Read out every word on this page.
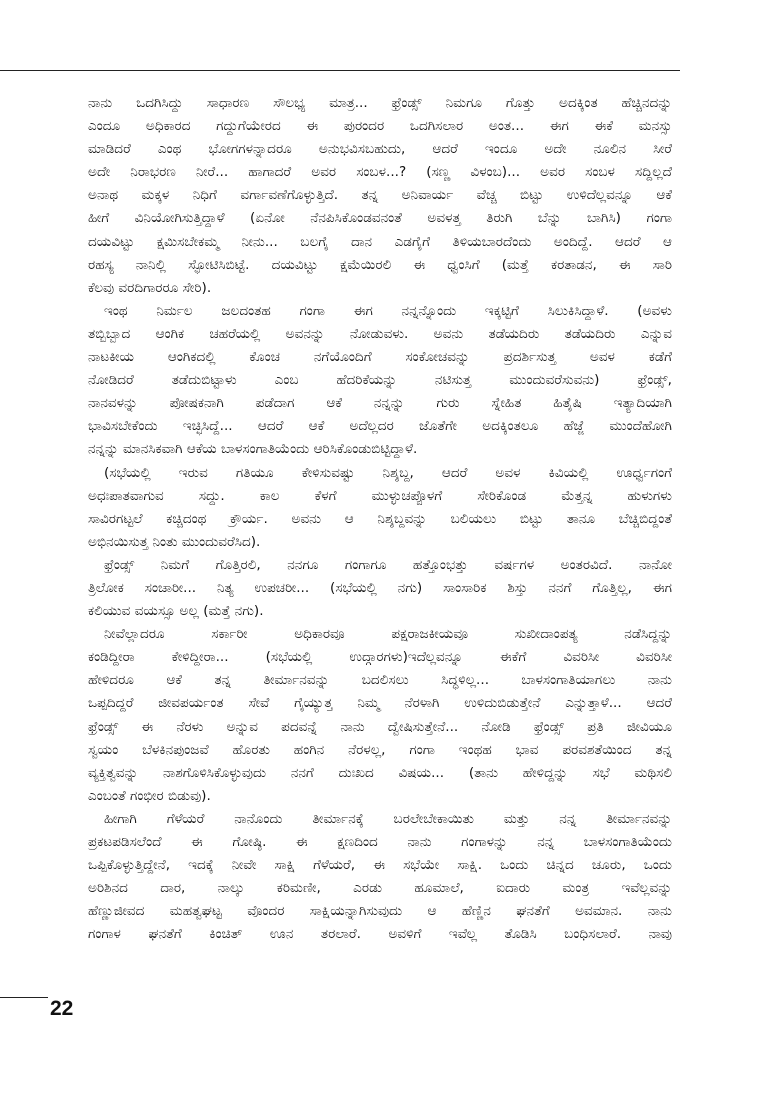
ನಾನು ಒದಗಿಸಿದ್ದು ಸಾಧಾರಣ ಸೌಲಭ್ಯ ಮಾತ್ರ... ಫ್ರೆಂಡ್ಸ್ ನಿಮಗೂ ಗೊತ್ತು ಅದಕ್ಕಿಂತ ಹೆಚ್ಚಿನದನ್ನು
ಎಂದೂ ಅಧಿಕಾರದ ಗದ್ದುಗೆಯೇರದ ಈ ಪುರಂದರ ಒದಗಿಸಲಾರ ಅಂತ... ಈಗ ಈಕೆ ಮನಸ್ಸು
ಮಾಡಿದರೆ ಎಂಥ ಭೋಗಗಳನ್ನಾದರೂ ಅನುಭವಿಸಬಹುದು, ಆದರೆ ಇಂದೂ ಅದೇ ನೂಲಿನ ಸೀರೆ
ಅದೇ ನಿರಾಭರಣ ನೀರೆ... ಹಾಗಾದರೆ ಅವರ ಸಂಬಳ...? (ಸಣ್ಣ ವಿಳಂಬ)... ಅವರ ಸಂಬಳ ಸದ್ದಿಲ್ಲದೆ
ಅನಾಥ ಮಕ್ಕಳ ನಿಧಿಗೆ ವರ್ಗಾವಣೆಗೊಳ್ಳುತ್ತಿದೆ. ತನ್ನ ಅನಿವಾರ್ಯ ವೆಚ್ಚ ಬಿಟ್ಟು ಉಳಿದೆಲ್ಲವನ್ನೂ ಆಕೆ
ಹೀಗೆ ವಿನಿಯೋಗಿಸುತ್ತಿದ್ದಾಳೆ (ಏನೋ ನೆನಪಿಸಿಕೊಂಡವನಂತೆ ಅವಳತ್ತ ತಿರುಗಿ ಬೆನ್ನು ಬಾಗಿಸಿ) ಗಂಗಾ
ದಯವಿಟ್ಟು ಕ್ಷಮಿಸಬೇಕಮ್ಮ ನೀನು... ಬಲಗೈ ದಾನ ಎಡಗೈಗೆ ತಿಳಿಯಬಾರದೆಂದು ಅಂದಿದ್ದೆ. ಆದರೆ ಆ
ರಹಸ್ಯ ನಾನಿಲ್ಲಿ ಸ್ಫೋಟಿಸಿಬಿಟ್ಟೆ. ದಯವಿಟ್ಟು ಕ್ಷಮೆಯಿರಲಿ ಈ ಧ್ವಂಸಿಗೆ (ಮತ್ತೆ ಕರತಾಡನ, ಈ ಸಾರಿ
ಕೆಲವು ವರದಿಗಾರರೂ ಸೇರಿ).
ಇಂಥ ನಿರ್ಮಲ ಜಲದಂತಹ ಗಂಗಾ ಈಗ ನನ್ನನ್ನೊಂದು ಇಕ್ಕಟ್ಟಿಗೆ ಸಿಲುಕಿಸಿದ್ದಾಳೆ. (ಅವಳು
ತಬ್ಬಿಬ್ಬಾದ ಆಂಗಿಕ ಚಹರೆಯಲ್ಲಿ ಅವನನ್ನು ನೋಡುವಳು. ಅವನು ತಡೆಯದಿರು ತಡೆಯದಿರು ಎನ್ನುವ
ನಾಟಕೀಯ ಆಂಗಿಕದಲ್ಲಿ ಕೊಂಚ ನಗೆಯೊಂದಿಗೆ ಸಂಕೋಚವನ್ನು ಪ್ರದರ್ಶಿಸುತ್ತ ಅವಳ ಕಡೆಗೆ
ನೋಡಿದರೆ ತಡೆದುಬಿಟ್ಟಾಳು ಎಂಬ ಹೆದರಿಕೆಯನ್ನು ನಟಿಸುತ್ತ ಮುಂದುವರೆಸುವನು) ಫ್ರೆಂಡ್ಸ್,
ನಾನವಳನ್ನು ಪೋಷಕನಾಗಿ ಪಡೆದಾಗ ಆಕೆ ನನ್ನನ್ನು ಗುರು ಸ್ನೇಹಿತ ಹಿತೈಷಿ ಇತ್ಯಾದಿಯಾಗಿ
ಭಾವಿಸಬೇಕೆಂದು ಇಚ್ಛಿಸಿದ್ದೆ... ಆದರೆ ಆಕೆ ಅದೆಲ್ಲದರ ಜೊತೆಗೇ ಅದಕ್ಕಿಂತಲೂ ಹೆಜ್ಜೆ ಮುಂದೆಹೋಗಿ
ನನ್ನನ್ನು ಮಾನಸಿಕವಾಗಿ ಆಕೆಯ ಬಾಳಸಂಗಾತಿಯೆಂದು ಆರಿಸಿಕೊಂಡುಬಿಟ್ಟಿದ್ದಾಳೆ.
(ಸಭೆಯಲ್ಲಿ ಇರುವ ಗತಿಯೂ ಕೇಳಿಸುವಷ್ಟು ನಿಶ್ಶಬ್ದ, ಆದರೆ ಅವಳ ಕಿವಿಯಲ್ಲಿ ಊರ್ಧ್ವಗಂಗೆ
ಅಧಃಪಾತವಾಗುವ ಸದ್ದು. ಕಾಲ ಕೆಳಗೆ ಮುಳ್ಳುಚಪ್ಪೊಳಗೆ ಸೇರಿಕೊಂಡ ಮೆತ್ತನ್ನ ಹುಳುಗಳು
ಸಾವಿರಗಟ್ಟಲೆ ಕಚ್ಚಿದಂಥ ಕ್ರೌರ್ಯ. ಅವನು ಆ ನಿಶ್ಶಬ್ದವನ್ನು ಬಲಿಯಲು ಬಿಟ್ಟು ತಾನೂ ಬೆಚ್ಚಿಬಿದ್ದಂತೆ
ಅಭಿನಯಿಸುತ್ತ ನಿಂತು ಮುಂದುವರೆಸಿದ).
ಫ್ರೆಂಡ್ಸ್ ನಿಮಗೆ ಗೊತ್ತಿರಲಿ, ನನಗೂ ಗಂಗಾಗೂ ಹತ್ತೊಂಭತ್ತು ವರ್ಷಗಳ ಅಂತರವಿದೆ. ನಾನೋ
ತ್ರಿಲೋಕ ಸಂಚಾರೀ... ನಿತ್ಯ ಉಪಚರೀ... (ಸಭೆಯಲ್ಲಿ ನಗು) ಸಾಂಸಾರಿಕ ಶಿಸ್ತು ನನಗೆ ಗೊತ್ತಿಲ್ಲ, ಈಗ
ಕಲಿಯುವ ವಯಸ್ಸೂ ಅಲ್ಲ (ಮತ್ತೆ ನಗು).
ನೀವೆಲ್ಲಾದರೂ ಸರ್ಕಾರೀ ಅಧಿಕಾರವೂ ಪಕ್ಷರಾಜಕೀಯವೂ ಸುಖೀದಾಂಪತ್ಯ ನಡೆಸಿದ್ದನ್ನು
ಕಂಡಿದ್ದೀರಾ ಕೇಳಿದ್ದೀರಾ... (ಸಭೆಯಲ್ಲಿ ಉದ್ಗಾರಗಳು)ಇದೆಲ್ಲವನ್ನೂ ಈಕೆಗೆ ವಿವರಿಸೀ ವಿವರಿಸೀ
ಹೇಳಿದರೂ ಆಕೆ ತನ್ನ ತೀರ್ಮಾನವನ್ನು ಬದಲಿಸಲು ಸಿದ್ಧಳಿಲ್ಲ... ಬಾಳಸಂಗಾತಿಯಾಗಲು ನಾನು
ಒಪ್ಪದಿದ್ದರೆ ಜೀವಪರ್ಯಂತ ಸೇವೆ ಗೈಯ್ಯುತ್ತ ನಿಮ್ಮ ನೆರಳಾಗಿ ಉಳಿದುಬಿಡುತ್ತೇನೆ ಎನ್ನುತ್ತಾಳೆ... ಆದರೆ
ಫ್ರೆಂಡ್ಸ್ ಈ ನೆರಳು ಅನ್ನುವ ಪದವನ್ನೆ ನಾನು ದ್ವೇಷಿಸುತ್ತೇನೆ... ನೋಡಿ ಫ್ರೆಂಡ್ಸ್ ಪ್ರತಿ ಜೀವಿಯೂ
ಸ್ವಯಂ ಬೆಳಕಿನಪುಂಜವೆ ಹೊರತು ಹಂಗಿನ ನೆರಳಲ್ಲ, ಗಂಗಾ ಇಂಥಹ ಭಾವ ಪರವಶತೆಯಿಂದ ತನ್ನ
ವ್ಯಕ್ತಿತ್ವವನ್ನು ನಾಶಗೊಳಿಸಿಕೊಳ್ಳುವುದು ನನಗೆ ದುಃಖದ ವಿಷಯ... (ತಾನು ಹೇಳಿದ್ದನ್ನು ಸಭೆ ಮಥಿಸಲಿ
ಎಂಬಂತೆ ಗಂಭೀರ ಬಿಡುವು).
ಹೀಗಾಗಿ ಗೆಳೆಯರೆ ನಾನೊಂದು ತೀರ್ಮಾನಕ್ಕೆ ಬರಲೇಬೇಕಾಯಿತು ಮತ್ತು ನನ್ನ ತೀರ್ಮಾನವನ್ನು
ಪ್ರಕಟಪಡಿಸಲೆಂದೆ ಈ ಗೋಷ್ಠಿ. ಈ ಕ್ಷಣದಿಂದ ನಾನು ಗಂಗಾಳನ್ನು ನನ್ನ ಬಾಳಸಂಗಾತಿಯೆಂದು
ಒಪ್ಪಿಕೊಳ್ಳುತ್ತಿದ್ದೇನೆ, ಇದಕ್ಕೆ ನೀವೇ ಸಾಕ್ಷಿ ಗೆಳೆಯರೆ, ಈ ಸಭೆಯೇ ಸಾಕ್ಷಿ. ಒಂದು ಚಿನ್ನದ ಚೂರು, ಒಂದು
ಅರಿಶಿನದ ದಾರ, ನಾಲ್ಕು ಕರಿಮಣೀ, ಎರಡು ಹೂಮಾಲೆ, ಐದಾರು ಮಂತ್ರ ಇವೆಲ್ಲವನ್ನು
ಹೆಣ್ಣುಜೀವದ ಮಹತ್ವಘಟ್ಟ ವೊಂದರ ಸಾಕ್ಷಿಯನ್ನಾಗಿಸುವುದು ಆ ಹೆಣ್ಣಿನ ಘನತೆಗೆ ಅವಮಾನ. ನಾನು
ಗಂಗಾಳ ಘನತೆಗೆ ಕಿಂಚಿತ್ ಊನ ತರಲಾರೆ. ಅವಳಿಗೆ ಇವೆಲ್ಲ ತೊಡಿಸಿ ಬಂಧಿಸಲಾರೆ. ನಾವು
22
